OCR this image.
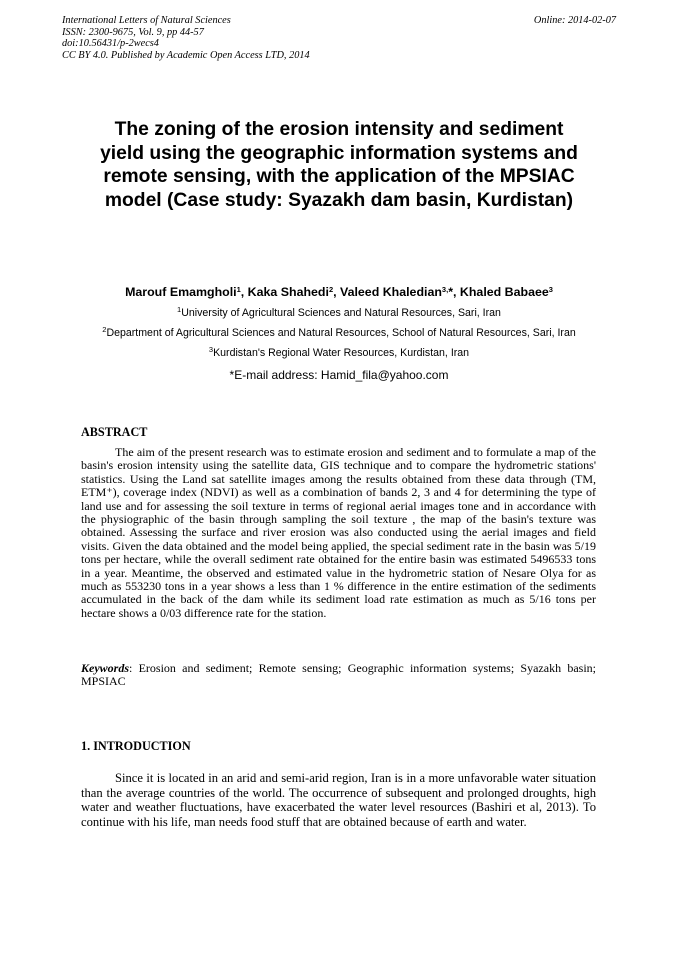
International Letters of Natural Sciences
ISSN: 2300-9675, Vol. 9, pp 44-57
doi:10.56431/p-2wecs4
CC BY 4.0. Published by Academic Open Access LTD, 2014
Online: 2014-02-07
The zoning of the erosion intensity and sediment
yield using the geographic information systems and
remote sensing, with the application of the MPSIAC
model (Case study: Syazakh dam basin, Kurdistan)
Marouf Emamgholi$^1$, Kaka Shahedi$^2$, Valeed Khaledian$^{3,}$*, Khaled Babaee$^3$
$^1$University of Agricultural Sciences and Natural Resources, Sari, Iran
$^2$Department of Agricultural Sciences and Natural Resources, School of Natural Resources, Sari, Iran
$^3$Kurdistan's Regional Water Resources, Kurdistan, Iran
*E-mail address: Hamid_fila@yahoo.com
ABSTRACT
The aim of the present research was to estimate erosion and sediment and to formulate a map of the basin's erosion intensity using the satellite data, GIS technique and to compare the hydrometric stations' statistics. Using the Land sat satellite images among the results obtained from these data through (TM, ETM⁺), coverage index (NDVI) as well as a combination of bands 2, 3 and 4 for determining the type of land use and for assessing the soil texture in terms of regional aerial images tone and in accordance with the physiographic of the basin through sampling the soil texture , the map of the basin's texture was obtained. Assessing the surface and river erosion was also conducted using the aerial images and field visits. Given the data obtained and the model being applied, the special sediment rate in the basin was 5/19 tons per hectare, while the overall sediment rate obtained for the entire basin was estimated 5496533 tons in a year. Meantime, the observed and estimated value in the hydrometric station of Nesare Olya for as much as 553230 tons in a year shows a less than 1 % difference in the entire estimation of the sediments accumulated in the back of the dam while its sediment load rate estimation as much as 5/16 tons per hectare shows a 0/03 difference rate for the station.
Keywords: Erosion and sediment; Remote sensing; Geographic information systems; Syazakh basin; MPSIAC
1. INTRODUCTION
Since it is located in an arid and semi-arid region, Iran is in a more unfavorable water situation than the average countries of the world. The occurrence of subsequent and prolonged droughts, high water and weather fluctuations, have exacerbated the water level resources (Bashiri et al, 2013). To continue with his life, man needs food stuff that are obtained because of earth and water.
